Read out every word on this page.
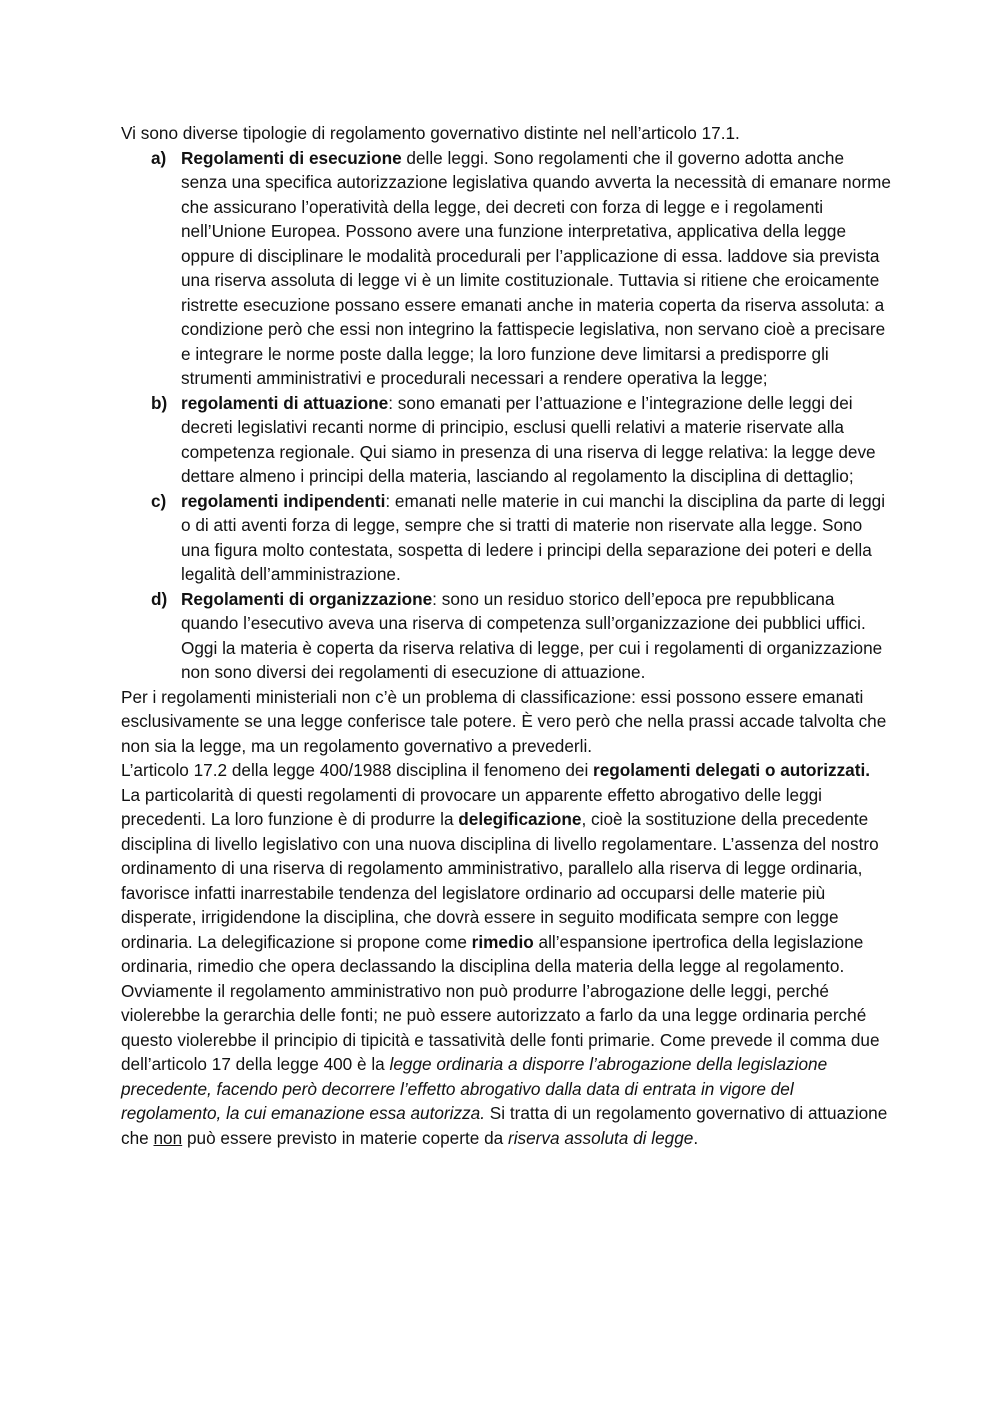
Vi sono diverse tipologie di regolamento governativo distinte nel nell’articolo 17.1.

a) Regolamenti di esecuzione delle leggi. Sono regolamenti che il governo adotta anche senza una specifica autorizzazione legislativa quando avverta la necessità di emanare norme che assicurano l’operatività della legge, dei decreti con forza di legge e i regolamenti nell’Unione Europea. Possono avere una funzione interpretativa, applicativa della legge oppure di disciplinare le modalità procedurali per l’applicazione di essa. laddove sia prevista una riserva assoluta di legge vi è un limite costituzionale. Tuttavia si ritiene che eroicamente ristrette esecuzione possano essere emanati anche in materia coperta da riserva assoluta: a condizione però che essi non integrino la fattispecie legislativa, non servano cioè a precisare e integrare le norme poste dalla legge; la loro funzione deve limitarsi a predisporre gli strumenti amministrativi e procedurali necessari a rendere operativa la legge;
b) regolamenti di attuazione: sono emanati per l’attuazione e l’integrazione delle leggi dei decreti legislativi recanti norme di principio, esclusi quelli relativi a materie riservate alla competenza regionale. Qui siamo in presenza di una riserva di legge relativa: la legge deve dettare almeno i principi della materia, lasciando al regolamento la disciplina di dettaglio;
c) regolamenti indipendenti: emanati nelle materie in cui manchi la disciplina da parte di leggi o di atti aventi forza di legge, sempre che si tratti di materie non riservate alla legge. Sono una figura molto contestata, sospetta di ledere i principi della separazione dei poteri e della legalità dell’amministrazione.
d) Regolamenti di organizzazione: sono un residuo storico dell’epoca pre repubblicana quando l’esecutivo aveva una riserva di competenza sull’organizzazione dei pubblici uffici. Oggi la materia è coperta da riserva relativa di legge, per cui i regolamenti di organizzazione non sono diversi dei regolamenti di esecuzione di attuazione.

Per i regolamenti ministeriali non c’è un problema di classificazione: essi possono essere emanati esclusivamente se una legge conferisce tale potere. È vero però che nella prassi accade talvolta che non sia la legge, ma un regolamento governativo a prevederli.

L’articolo 17.2 della legge 400/1988 disciplina il fenomeno dei regolamenti delegati o autorizzati. La particolarità di questi regolamenti di provocare un apparente effetto abrogativo delle leggi precedenti. La loro funzione è di produrre la delegificazione, cioè la sostituzione della precedente disciplina di livello legislativo con una nuova disciplina di livello regolamentare. L’assenza del nostro ordinamento di una riserva di regolamento amministrativo, parallelo alla riserva di legge ordinaria, favorisce infatti inarrestabile tendenza del legislatore ordinario ad occuparsi delle materie più disperate, irrigidendone la disciplina, che dovrà essere in seguito modificata sempre con legge ordinaria. La delegificazione si propone come rimedio all’espansione ipertrofica della legislazione ordinaria, rimedio che opera declassando la disciplina della materia della legge al regolamento. Ovviamente il regolamento amministrativo non può produrre l’abrogazione delle leggi, perché violerebbe la gerarchia delle fonti; ne può essere autorizzato a farlo da una legge ordinaria perché questo violerebbe il principio di tipicità e tassatività delle fonti primarie. Come prevede il comma due dell’articolo 17 della legge 400 è la legge ordinaria a disporre l’abrogazione della legislazione precedente, facendo però decorrere l’effetto abrogativo dalla data di entrata in vigore del regolamento, la cui emanazione essa autorizza. Si tratta di un regolamento governativo di attuazione che non può essere previsto in materie coperte da riserva assoluta di legge.
